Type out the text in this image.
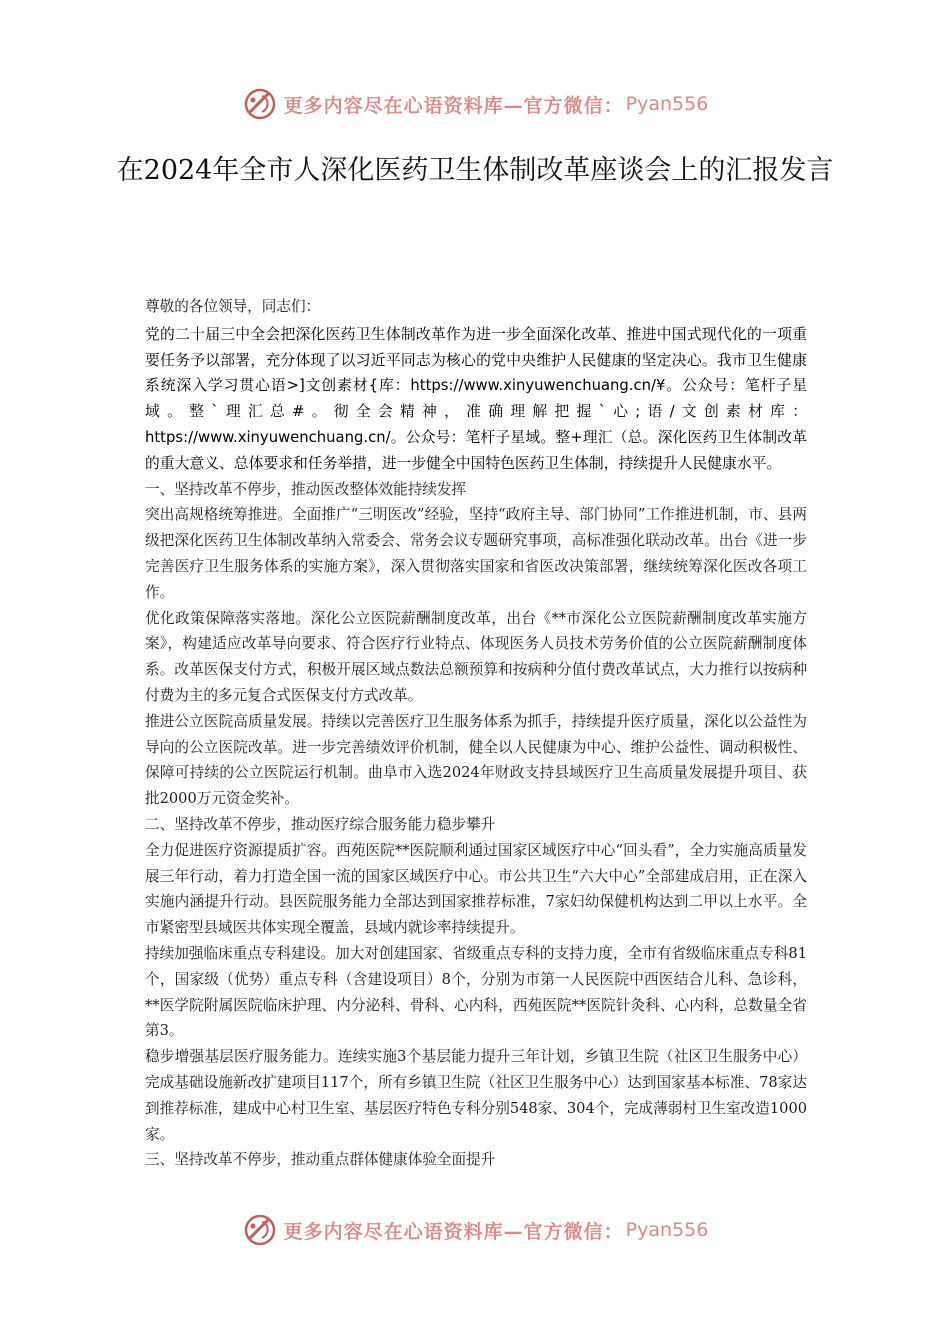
更多内容尽在心语资料库—官方微信： Pyan556
在2024年全市人深化医药卫生体制改革座谈会上的汇报发言

尊敬的各位领导，同志们：

党的二十届三中全会把深化医药卫生体制改革作为进一步全面深化改革、推进中国式现代化的一项重要任务予以部署，充分体现了以习近平同志为核心的党中央维护人民健康的坚定决心。我市卫生健康系统深入学习贯心语>]文创素材{库：https://www.xinyuwenchuang.cn/¥。公众号：笔杆子星域。整`理汇总#。彻全会精神，准确理解把握`心;语/文创素材库：https://www.xinyuwenchuang.cn/。公众号：笔杆子星域。整+理汇（总。深化医药卫生体制改革的重大意义、总体要求和任务举措，进一步健全中国特色医药卫生体制，持续提升人民健康水平。

一、坚持改革不停步，推动医改整体效能持续发挥

突出高规格统筹推进。全面推广“三明医改”经验，坚持“政府主导、部门协同”工作推进机制，市、县两级把深化医药卫生体制改革纳入常委会、常务会议专题研究事项，高标准强化联动改革。出台《进一步完善医疗卫生服务体系的实施方案》，深入贯彻落实国家和省医改决策部署，继续统筹深化医改各项工作。

优化政策保障落实落地。深化公立医院薪酬制度改革，出台《**市深化公立医院薪酬制度改革实施方案》，构建适应改革导向要求、符合医疗行业特点、体现医务人员技术劳务价值的公立医院薪酬制度体系。改革医保支付方式，积极开展区域点数法总额预算和按病种分值付费改革试点，大力推行以按病种付费为主的多元复合式医保支付方式改革。

推进公立医院高质量发展。持续以完善医疗卫生服务体系为抓手，持续提升医疗质量，深化以公益性为导向的公立医院改革。进一步完善绩效评价机制，健全以人民健康为中心、维护公益性、调动积极性、保障可持续的公立医院运行机制。曲阜市入选2024年财政支持县域医疗卫生高质量发展提升项目、获批2000万元资金奖补。

二、坚持改革不停步，推动医疗综合服务能力稳步攀升

全力促进医疗资源提质扩容。西苑医院**医院顺利通过国家区域医疗中心“回头看”，全力实施高质量发展三年行动，着力打造全国一流的国家区域医疗中心。市公共卫生“六大中心”全部建成启用，正在深入实施内涵提升行动。县医院服务能力全部达到国家推荐标准，7家妇幼保健机构达到二甲以上水平。全市紧密型县域医共体实现全覆盖，县域内就诊率持续提升。

持续加强临床重点专科建设。加大对创建国家、省级重点专科的支持力度，全市有省级临床重点专科81个，国家级（优势）重点专科（含建设项目）8个，分别为市第一人民医院中西医结合儿科、急诊科，**医学院附属医院临床护理、内分泌科、骨科、心内科，西苑医院**医院针灸科、心内科，总数量全省第3。

稳步增强基层医疗服务能力。连续实施3个基层能力提升三年计划，乡镇卫生院（社区卫生服务中心）完成基础设施新改扩建项目117个，所有乡镇卫生院（社区卫生服务中心）达到国家基本标准、78家达到推荐标准，建成中心村卫生室、基层医疗特色专科分别548家、304个，完成薄弱村卫生室改造1000家。

三、坚持改革不停步，推动重点群体健康体验全面提升

更多内容尽在心语资料库—官方微信： Pyan556
